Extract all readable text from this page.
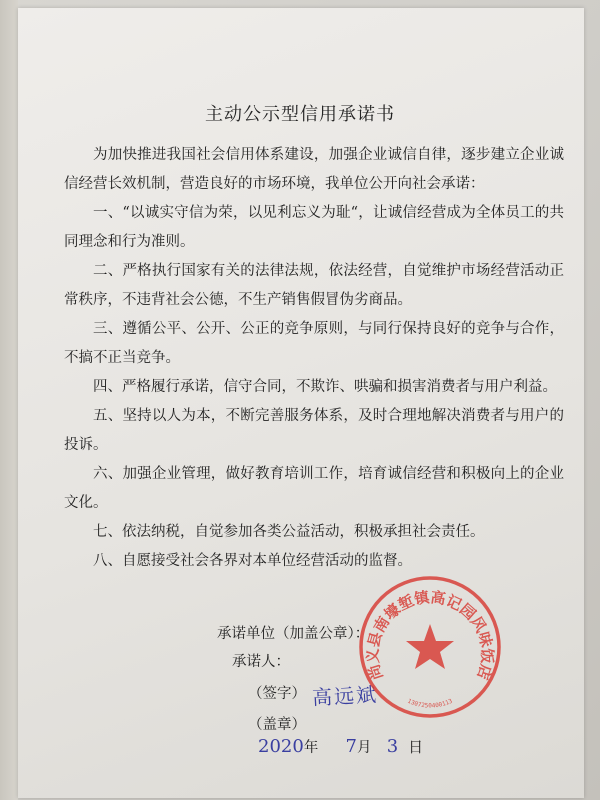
主动公示型信用承诺书

为加快推进我国社会信用体系建设，加强企业诚信自律，逐步建立企业诚信经营长效机制，营造良好的市场环境，我单位公开向社会承诺：

一、“以诚实守信为荣，以见利忘义为耻“，让诚信经营成为全体员工的共同理念和行为准则。

二、严格执行国家有关的法律法规，依法经营，自觉维护市场经营活动正常秩序，不违背社会公德，不生产销售假冒伪劣商品。

三、遵循公平、公开、公正的竞争原则，与同行保持良好的竞争与合作，不搞不正当竞争。

四、严格履行承诺，信守合同，不欺诈、哄骗和损害消费者与用户利益。

五、坚持以人为本，不断完善服务体系，及时合理地解决消费者与用户的投诉。

六、加强企业管理，做好教育培训工作，培育诚信经营和积极向上的企业文化。

七、依法纳税，自觉参加各类公益活动，积极承担社会责任。

八、自愿接受社会各界对本单位经营活动的监督。

承诺单位（加盖公章）：
承诺人：
（签字） 高远斌
（盖章）
2020年 7月 3 日
尚义县南壕堑镇高记园风味饭店
1307250400113
